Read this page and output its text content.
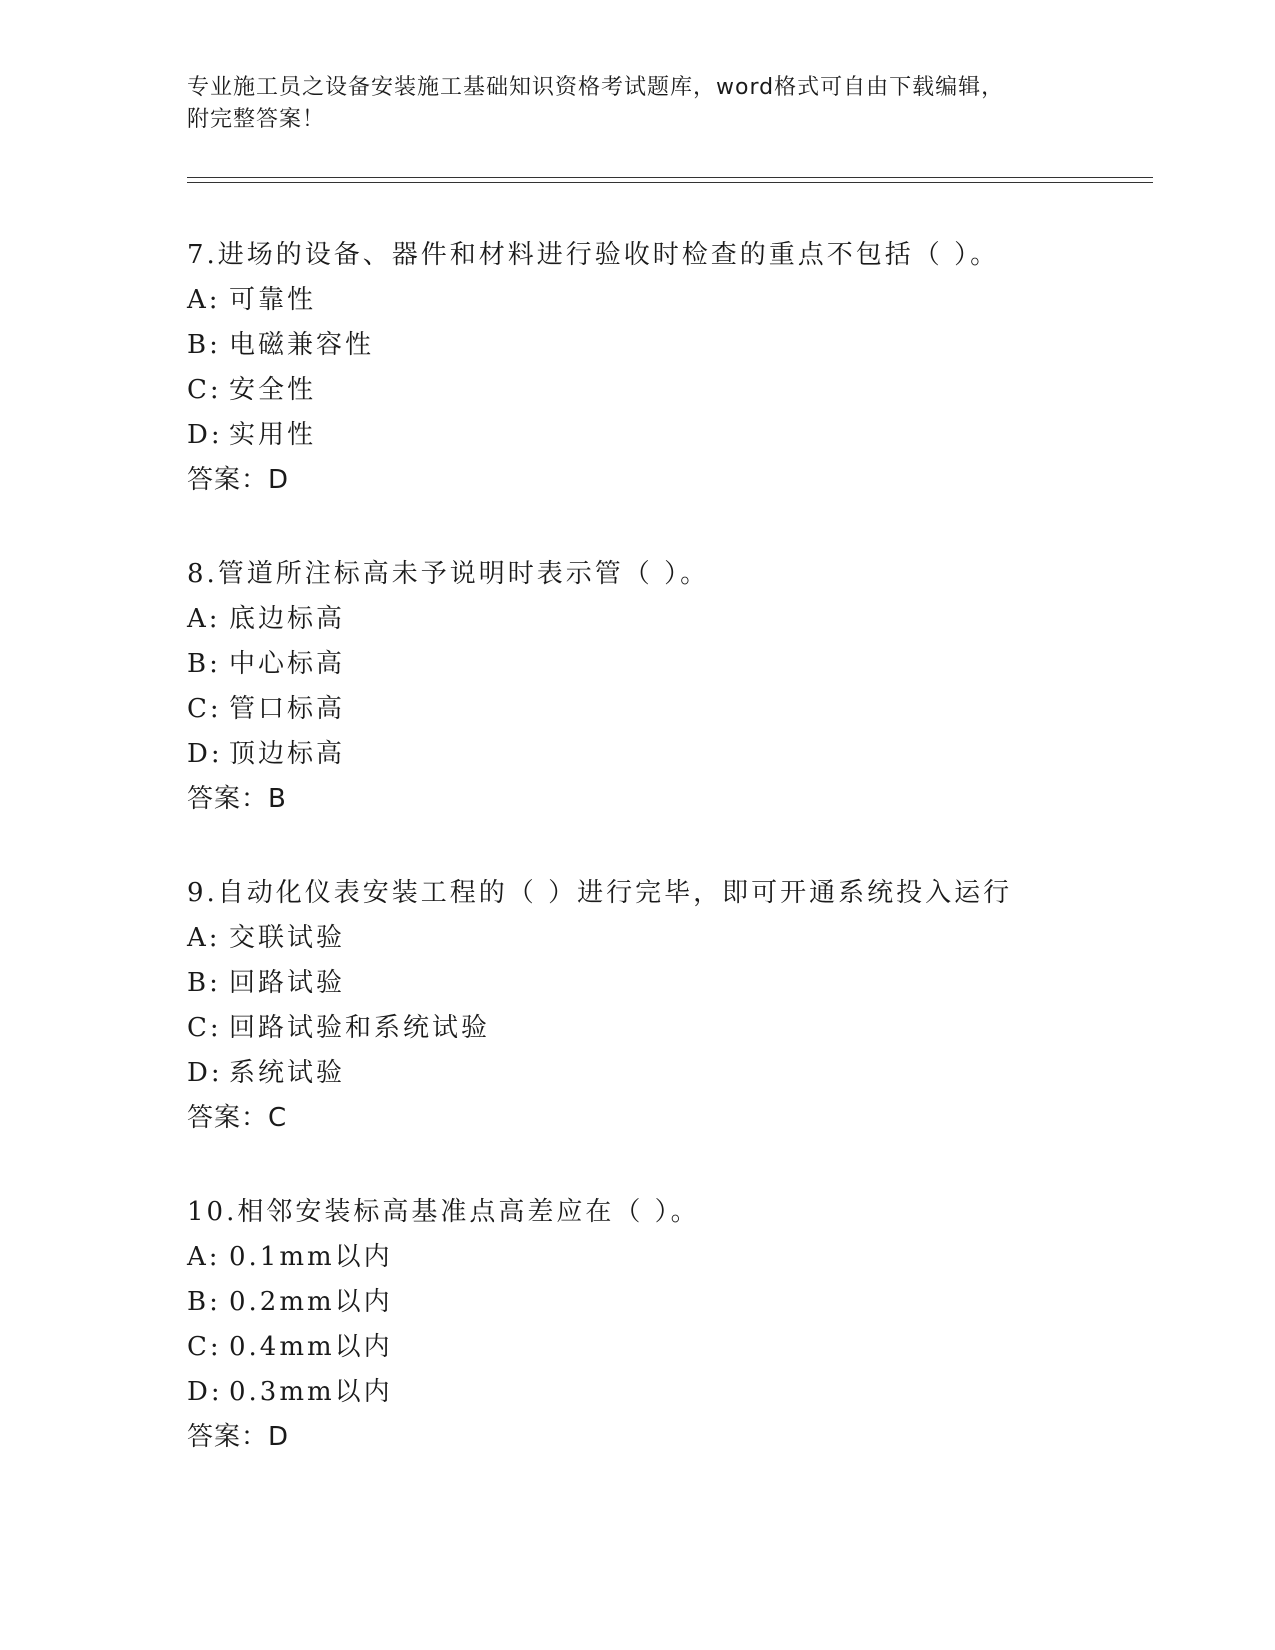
专业施工员之设备安装施工基础知识资格考试题库，word格式可自由下载编辑，
附完整答案！
7.进场的设备、器件和材料进行验收时检查的重点不包括（ ）。
A: 可靠性
B: 电磁兼容性
C: 安全性
D: 实用性
答案：D
8.管道所注标高未予说明时表示管（ ）。
A: 底边标高
B: 中心标高
C: 管口标高
D: 顶边标高
答案：B
9.自动化仪表安装工程的（ ）进行完毕，即可开通系统投入运行
A: 交联试验
B: 回路试验
C: 回路试验和系统试验
D: 系统试验
答案：C
10.相邻安装标高基准点高差应在（ ）。
A: 0.1mm以内
B: 0.2mm以内
C: 0.4mm以内
D: 0.3mm以内
答案：D
